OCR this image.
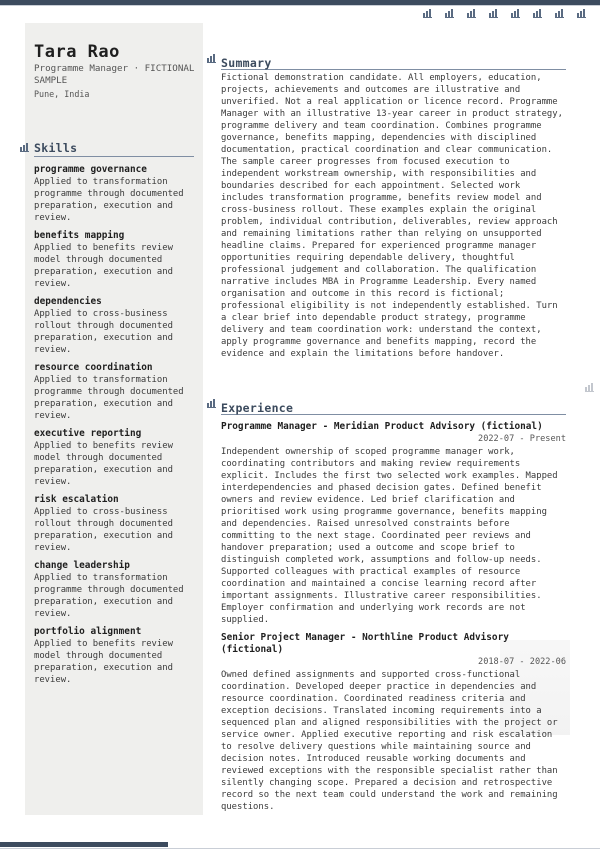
Tara Rao
Programme Manager · FICTIONAL SAMPLE
Pune, India
Skills
programme governance
Applied to transformation programme through documented preparation, execution and review.
benefits mapping
Applied to benefits review model through documented preparation, execution and review.
dependencies
Applied to cross-business rollout through documented preparation, execution and review.
resource coordination
Applied to transformation programme through documented preparation, execution and review.
executive reporting
Applied to benefits review model through documented preparation, execution and review.
risk escalation
Applied to cross-business rollout through documented preparation, execution and review.
change leadership
Applied to transformation programme through documented preparation, execution and review.
portfolio alignment
Applied to benefits review model through documented preparation, execution and review.
Summary
Fictional demonstration candidate. All employers, education, projects, achievements and outcomes are illustrative and unverified. Not a real application or licence record. Programme Manager with an illustrative 13-year career in product strategy, programme delivery and team coordination. Combines programme governance, benefits mapping, dependencies with disciplined documentation, practical coordination and clear communication. The sample career progresses from focused execution to independent workstream ownership, with responsibilities and boundaries described for each appointment. Selected work includes transformation programme, benefits review model and cross-business rollout. These examples explain the original problem, individual contribution, deliverables, review approach and remaining limitations rather than relying on unsupported headline claims. Prepared for experienced programme manager opportunities requiring dependable delivery, thoughtful professional judgement and collaboration. The qualification narrative includes MBA in Programme Leadership. Every named organisation and outcome in this record is fictional; professional eligibility is not independently established. Turn a clear brief into dependable product strategy, programme delivery and team coordination work: understand the context, apply programme governance and benefits mapping, record the evidence and explain the limitations before handover.
Experience
Programme Manager - Meridian Product Advisory (fictional)
2022-07 - Present
Independent ownership of scoped programme manager work, coordinating contributors and making review requirements explicit. Includes the first two selected work examples. Mapped interdependencies and phased decision gates. Defined benefit owners and review evidence. Led brief clarification and prioritised work using programme governance, benefits mapping and dependencies. Raised unresolved constraints before committing to the next stage. Coordinated peer reviews and handover preparation; used a outcome and scope brief to distinguish completed work, assumptions and follow-up needs. Supported colleagues with practical examples of resource coordination and maintained a concise learning record after important assignments. Illustrative career responsibilities. Employer confirmation and underlying work records are not supplied.
Senior Project Manager - Northline Product Advisory (fictional)
2018-07 - 2022-06
Owned defined assignments and supported cross-functional coordination. Developed deeper practice in dependencies and resource coordination. Coordinated readiness criteria and exception decisions. Translated incoming requirements into a sequenced plan and aligned responsibilities with the project or service owner. Applied executive reporting and risk escalation to resolve delivery questions while maintaining source and decision notes. Introduced reusable working documents and reviewed exceptions with the responsible specialist rather than silently changing scope. Prepared a decision and retrospective record so the next team could understand the work and remaining questions.
